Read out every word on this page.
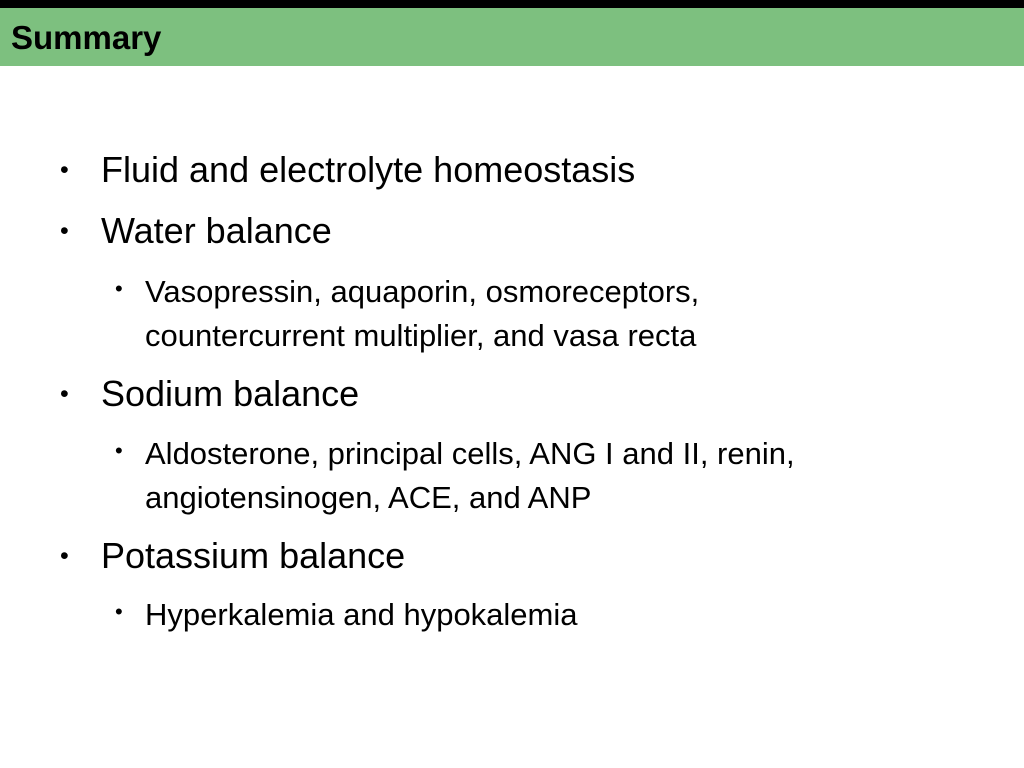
Summary
• Fluid and electrolyte homeostasis
• Water balance
• Vasopressin, aquaporin, osmoreceptors,
countercurrent multiplier, and vasa recta
• Sodium balance
• Aldosterone, principal cells, ANG I and II, renin,
angiotensinogen, ACE, and ANP
• Potassium balance
• Hyperkalemia and hypokalemia
